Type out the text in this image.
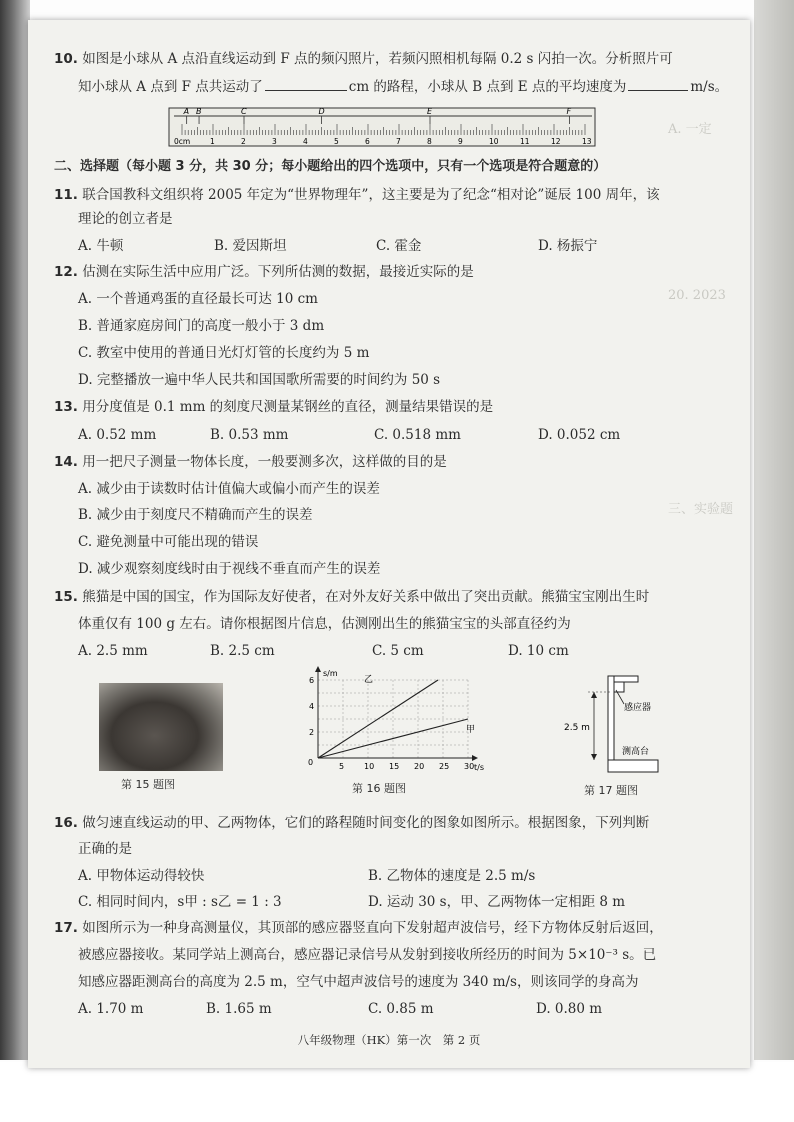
A. 一定
20. 2023
三、实验题
10. 如图是小球从 A 点沿直线运动到 F 点的频闪照片，若频闪照相机每隔 0.2 s 闪拍一次。分析照片可
知小球从 A 点到 F 点共运动了	cm 的路程，小球从 B 点到 E 点的平均速度为	m/s。
A B	C	D	E	F
0cm	1	2	3	4	5	6	7	8	9	10	11	12	13
二、选择题（每小题 3 分，共 30 分；每小题给出的四个选项中，只有一个选项是符合题意的）
11. 联合国教科文组织将 2005 年定为“世界物理年”，这主要是为了纪念“相对论”诞辰 100 周年，该
理论的创立者是
A. 牛顿	B. 爱因斯坦	C. 霍金	D. 杨振宁
12. 估测在实际生活中应用广泛。下列所估测的数据，最接近实际的是
A. 一个普通鸡蛋的直径最长可达 10 cm
B. 普通家庭房间门的高度一般小于 3 dm
C. 教室中使用的普通日光灯灯管的长度约为 5 m
D. 完整播放一遍中华人民共和国国歌所需要的时间约为 50 s
13. 用分度值是 0.1 mm 的刻度尺测量某钢丝的直径，测量结果错误的是
A. 0.52 mm	B. 0.53 mm	C. 0.518 mm	D. 0.052 cm
14. 用一把尺子测量一物体长度，一般要测多次，这样做的目的是
A. 减少由于读数时估计值偏大或偏小而产生的误差
B. 减少由于刻度尺不精确而产生的误差
C. 避免测量中可能出现的错误
D. 减少观察刻度线时由于视线不垂直而产生的误差
15. 熊猫是中国的国宝，作为国际友好使者，在对外友好关系中做出了突出贡献。熊猫宝宝刚出生时
体重仅有 100 g 左右。请你根据图片信息，估测刚出生的熊猫宝宝的头部直径约为
A. 2.5 mm	B. 2.5 cm	C. 5 cm	D. 10 cm
第 15 题图
s/m
t/s
0
2
4
6
5 10 15 20 25 30
乙
甲
第 16 题图
感应器
测高台
2.5 m
第 17 题图
16. 做匀速直线运动的甲、乙两物体，它们的路程随时间变化的图象如图所示。根据图象，下列判断
正确的是
A. 甲物体运动得较快	B. 乙物体的速度是 2.5 m/s
C. 相同时间内，s甲 : s乙 = 1 : 3	D. 运动 30 s，甲、乙两物体一定相距 8 m
17. 如图所示为一种身高测量仪，其顶部的感应器竖直向下发射超声波信号，经下方物体反射后返回，
被感应器接收。某同学站上测高台，感应器记录信号从发射到接收所经历的时间为 5×10⁻³ s。已
知感应器距测高台的高度为 2.5 m，空气中超声波信号的速度为 340 m/s，则该同学的身高为
A. 1.70 m	B. 1.65 m	C. 0.85 m	D. 0.80 m
八年级物理（HK）第一次　第 2 页
